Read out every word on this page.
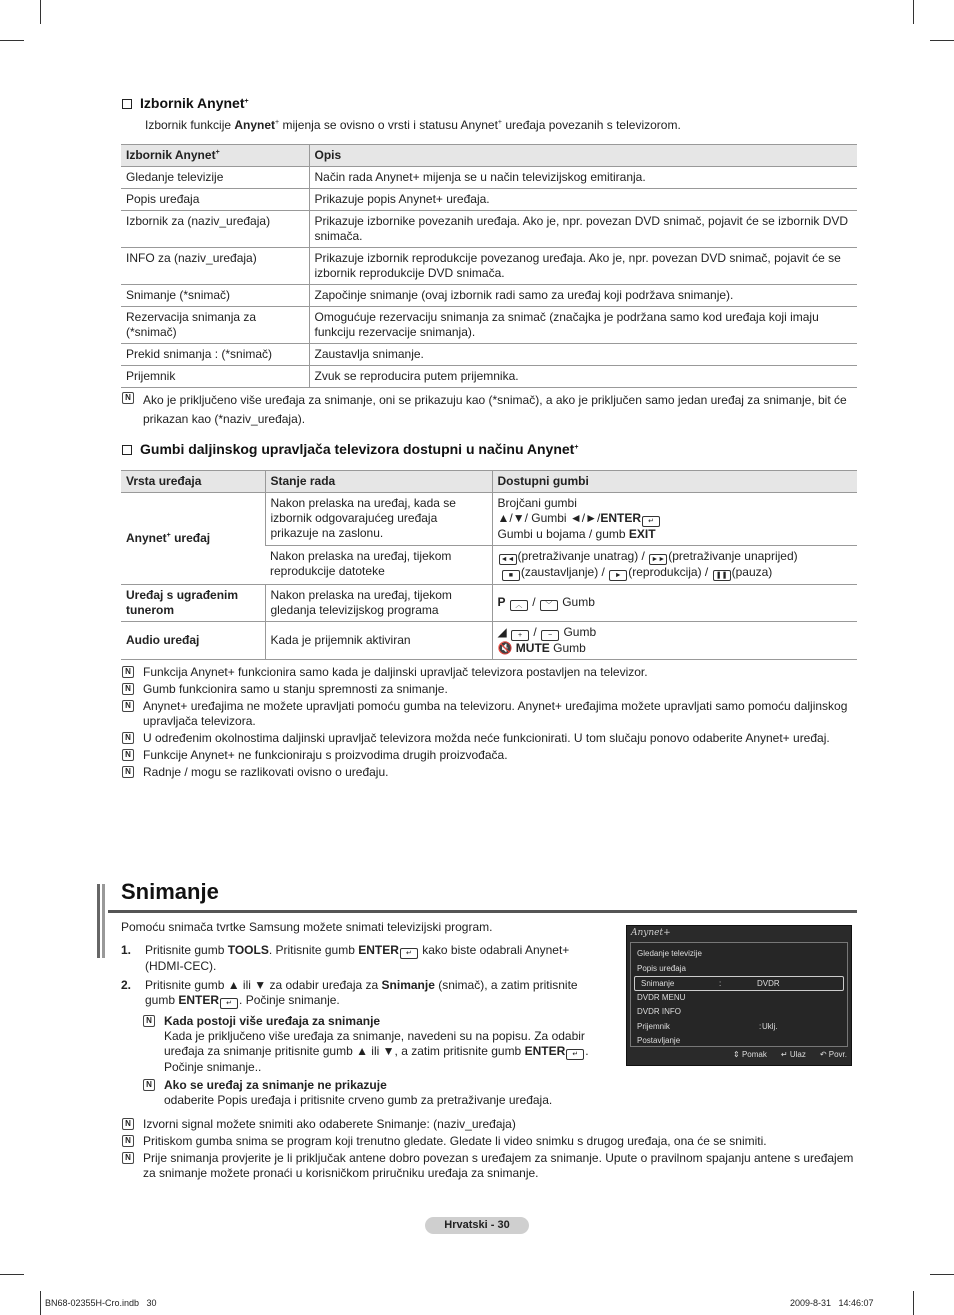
Izbornik Anynet+
Izbornik funkcije Anynet+ mijenja se ovisno o vrsti i statusu Anynet+ uređaja povezanih s televizorom.
Izbornik Anynet+	Opis
Gledanje televizije	Način rada Anynet+ mijenja se u način televizijskog emitiranja.
Popis uređaja	Prikazuje popis Anynet+ uređaja.
Izbornik za (naziv_uređaja)	Prikazuje izbornike povezanih uređaja. Ako je, npr. povezan DVD snimač, pojavit će se izbornik DVD snimača.
INFO za (naziv_uređaja)	Prikazuje izbornik reprodukcije povezanog uređaja. Ako je, npr. povezan DVD snimač, pojavit će se izbornik reprodukcije DVD snimača.
Snimanje (*snimač)	Započinje snimanje (ovaj izbornik radi samo za uređaj koji podržava snimanje).
Rezervacija snimanja za (*snimač)	Omogućuje rezervaciju snimanja za snimač (značajka je podržana samo kod uređaja koji imaju funkciju rezervacije snimanja).
Prekid snimanja : (*snimač)	Zaustavlja snimanje.
Prijemnik	Zvuk se reproducira putem prijemnika.
N Ako je priključeno više uređaja za snimanje, oni se prikazuju kao (*snimač), a ako je priključen samo jedan uređaj za snimanje, bit će prikazan kao (*naziv_uređaja).
Gumbi daljinskog upravljača televizora dostupni u načinu Anynet+
Vrsta uređaja	Stanje rada	Dostupni gumbi
Anynet+ uređaj	Nakon prelaska na uređaj, kada se izbornik odgovarajućeg uređaja prikazuje na zaslonu.	Brojčani gumbi
▲/▼/ Gumbi ◄/►/ENTER ↵
Gumbi u bojama / gumb EXIT

	Nakon prelaska na uređaj, tijekom reprodukcije datoteke	◄◄ (pretraživanje unatrag) / ►► (pretraživanje unaprijed)
■ (zaustavljanje) / ► (reprodukcija) / ❚❚ (pauza)

Uređaj s ugrađenim tunerom	Nakon prelaska na uređaj, tijekom gledanja televizijskog programa	P ︿ / ﹀ Gumb
Audio uređaj	Kada je prijemnik aktiviran	◢ + / − Gumb
🔇 MUTE Gumb
N Funkcija Anynet+ funkcionira samo kada je daljinski upravljač televizora postavljen na televizor.
N Gumb funkcionira samo u stanju spremnosti za snimanje.
N Anynet+ uređajima ne možete upravljati pomoću gumba na televizoru. Anynet+ uređajima možete upravljati samo pomoću daljinskog upravljača televizora.
N U određenim okolnostima daljinski upravljač televizora možda neće funkcionirati. U tom slučaju ponovo odaberite Anynet+ uređaj.
N Funkcije Anynet+ ne funkcioniraju s proizvodima drugih proizvođača.
N Radnje / mogu se razlikovati ovisno o uređaju.
Snimanje
Pomoću snimača tvrtke Samsung možete snimati televizijski program.
1.	Pritisnite gumb TOOLS. Pritisnite gumb ENTER ↵ kako biste odabrali Anynet+ (HDMI-CEC).
2.	Pritisnite gumb ▲ ili ▼ za odabir uređaja za Snimanje (snimač), a zatim pritisnite gumb ENTER ↵ . Počinje snimanje.
N Kada postoji više uređaja za snimanje
Kada je priključeno više uređaja za snimanje, navedeni su na popisu. Za odabir uređaja za snimanje pritisnite gumb ▲ ili ▼, a zatim pritisnite gumb ENTER ↵ . Počinje snimanje..
N Ako se uređaj za snimanje ne prikazuje
odaberite Popis uređaja i pritisnite crveno gumb za pretraživanje uređaja.
N Izvorni signal možete snimiti ako odaberete Snimanje: (naziv_uređaja)
N Pritiskom gumba snima se program koji trenutno gledate. Gledate li video snimku s drugog uređaja, ona će se snimiti.
N Prije snimanja provjerite je li priključak antene dobro povezan s uređajem za snimanje. Upute o pravilnom spajanju antene s uređajem za snimanje možete pronaći u korisničkom priručniku uređaja za snimanje.
Anynet+
Gledanje televizije
Popis uređaja
Snimanje	:	DVDR
DVDR MENU
DVDR INFO
Prijemnik	: Uklj.
Postavljanje
⇕ Pomak ↵ Ulaz ↶ Povr.
Hrvatski - 30
BN68-02355H-Cro.indb   30	2009-8-31   14:46:07
